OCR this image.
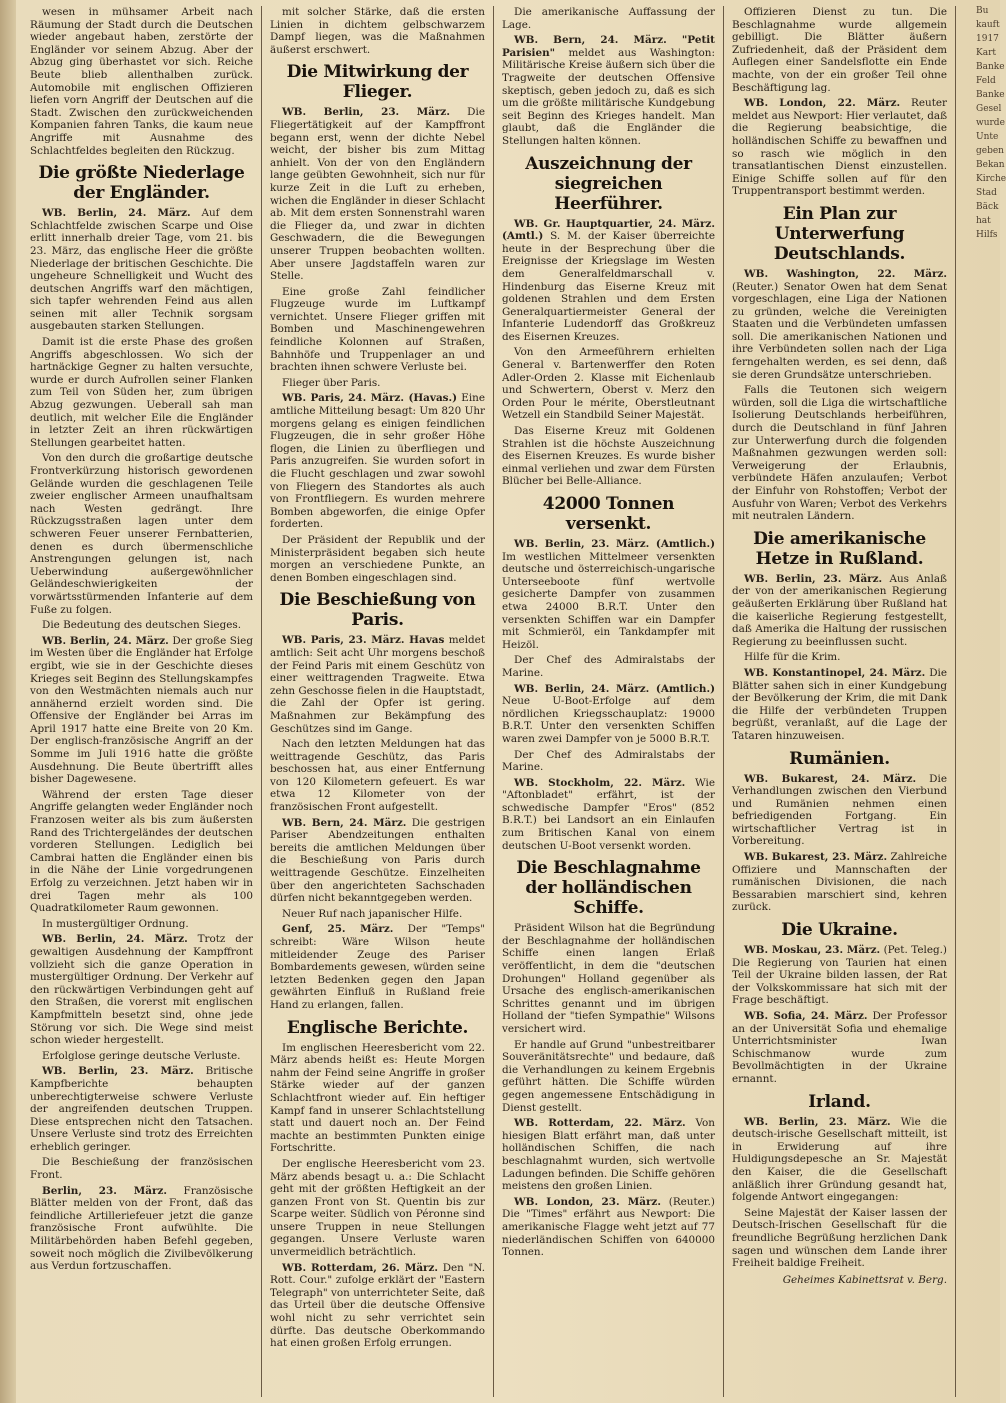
wesen in mühsamer Arbeit nach Räumung der Stadt durch die Deutschen wieder angebaut haben, zerstörte der Engländer vor seinem Abzug. Aber der Abzug ging überhastet vor sich. Reiche Beute blieb allenthalben zurück. Automobile mit englischen Offizieren liefen vorn Angriff der Deutschen auf die Stadt. Zwischen den zurückweichenden Kompanien fahren Tanks, die kaum neue Angriffe mit Ausnahme des Schlachtfeldes begleiten den Rückzug.

Die größte Niederlage der Engländer.

WB. Berlin, 24. März. Auf dem Schlachtfelde zwischen Scarpe und Oise erlitt innerhalb dreier Tage, vom 21. bis 23. März, das englische Heer die größte Niederlage der britischen Geschichte. Die ungeheure Schnelligkeit und Wucht des deutschen Angriffs warf den mächtigen, sich tapfer wehrenden Feind aus allen seinen mit aller Technik sorgsam ausgebauten starken Stellungen.

Damit ist die erste Phase des großen Angriffs abgeschlossen. Wo sich der hartnäckige Gegner zu halten versuchte, wurde er durch Aufrollen seiner Flanken zum Teil von Süden her, zum übrigen Abzug gezwungen. Ueberall sah man deutlich, mit welcher Eile die Engländer in letzter Zeit an ihren rückwärtigen Stellungen gearbeitet hatten.

Von den durch die großartige deutsche Frontverkürzung historisch gewordenen Gelände wurden die geschlagenen Teile zweier englischer Armeen unaufhaltsam nach Westen gedrängt. Ihre Rückzugsstraßen lagen unter dem schweren Feuer unserer Fernbatterien, denen es durch übermenschliche Anstrengungen gelungen ist, nach Ueberwindung außergewöhnlicher Geländeschwierigkeiten der vorwärtsstürmenden Infanterie auf dem Fuße zu folgen.

Die Bedeutung des deutschen Sieges.

WB. Berlin, 24. März. Der große Sieg im Westen über die Engländer hat Erfolge ergibt, wie sie in der Geschichte dieses Krieges seit Beginn des Stellungskampfes von den Westmächten niemals auch nur annähernd erzielt worden sind. Die Offensive der Engländer bei Arras im April 1917 hatte eine Breite von 20 Km. Der englisch-französische Angriff an der Somme im Juli 1916 hatte die größte Ausdehnung. Die Beute übertrifft alles bisher Dagewesene.

Während der ersten Tage dieser Angriffe gelangten weder Engländer noch Franzosen weiter als bis zum äußersten Rand des Trichtergeländes der deutschen vorderen Stellungen. Lediglich bei Cambrai hatten die Engländer einen bis in die Nähe der Linie vorgedrungenen Erfolg zu verzeichnen. Jetzt haben wir in drei Tagen mehr als 100 Quadratkilometer Raum gewonnen.

In mustergültiger Ordnung.

WB. Berlin, 24. März. Trotz der gewaltigen Ausdehnung der Kampffront vollzieht sich die ganze Operation in mustergültiger Ordnung. Der Verkehr auf den rückwärtigen Verbindungen geht auf den Straßen, die vorerst mit englischen Kampfmitteln besetzt sind, ohne jede Störung vor sich. Die Wege sind meist schon wieder hergestellt.

Erfolglose geringe deutsche Verluste.

WB. Berlin, 23. März. Britische Kampfberichte behaupten unberechtigterweise schwere Verluste der angreifenden deutschen Truppen. Diese entsprechen nicht den Tatsachen. Unsere Verluste sind trotz des Erreichten erheblich geringer.

Die Beschießung der französischen Front.

Berlin, 23. März. Französische Blätter melden von der Front, daß das feindliche Artilleriefeuer jetzt die ganze französische Front aufwühlte. Die Militärbehörden haben Befehl gegeben, soweit noch möglich die Zivilbevölkerung aus Verdun fortzuschaffen.

mit solcher Stärke, daß die ersten Linien in dichtem gelbschwarzem Dampf liegen, was die Maßnahmen äußerst erschwert.

Die Mitwirkung der Flieger.

WB. Berlin, 23. März. Die Fliegertätigkeit auf der Kampffront begann erst, wenn der dichte Nebel weicht, der bisher bis zum Mittag anhielt. Von der von den Engländern lange geübten Gewohnheit, sich nur für kurze Zeit in die Luft zu erheben, wichen die Engländer in dieser Schlacht ab. Mit dem ersten Sonnenstrahl waren die Flieger da, und zwar in dichten Geschwadern, die die Bewegungen unserer Truppen beobachten wollten. Aber unsere Jagdstaffeln waren zur Stelle.

Eine große Zahl feindlicher Flugzeuge wurde im Luftkampf vernichtet. Unsere Flieger griffen mit Bomben und Maschinengewehren feindliche Kolonnen auf Straßen, Bahnhöfe und Truppenlager an und brachten ihnen schwere Verluste bei.

Flieger über Paris.

WB. Paris, 24. März. (Havas.) Eine amtliche Mitteilung besagt: Um 820 Uhr morgens gelang es einigen feindlichen Flugzeugen, die in sehr großer Höhe flogen, die Linien zu überfliegen und Paris anzugreifen. Sie wurden sofort in die Flucht geschlagen und zwar sowohl von Fliegern des Standortes als auch von Frontfliegern. Es wurden mehrere Bomben abgeworfen, die einige Opfer forderten.

Der Präsident der Republik und der Ministerpräsident begaben sich heute morgen an verschiedene Punkte, an denen Bomben eingeschlagen sind.

Die Beschießung von Paris.

WB. Paris, 23. März. Havas meldet amtlich: Seit acht Uhr morgens beschoß der Feind Paris mit einem Geschütz von einer weittragenden Tragweite. Etwa zehn Geschosse fielen in die Hauptstadt, die Zahl der Opfer ist gering. Maßnahmen zur Bekämpfung des Geschützes sind im Gange.

Nach den letzten Meldungen hat das weittragende Geschütz, das Paris beschossen hat, aus einer Entfernung von 120 Kilometern gefeuert. Es war etwa 12 Kilometer von der französischen Front aufgestellt.

WB. Bern, 24. März. Die gestrigen Pariser Abendzeitungen enthalten bereits die amtlichen Meldungen über die Beschießung von Paris durch weittragende Geschütze. Einzelheiten über den angerichteten Sachschaden dürfen nicht bekanntgegeben werden.

Neuer Ruf nach japanischer Hilfe.

Genf, 25. März. Der "Temps" schreibt: Wäre Wilson heute mitleidender Zeuge des Pariser Bombardements gewesen, würden seine letzten Bedenken gegen den Japan gewährten Einfluß in Rußland freie Hand zu erlangen, fallen.

Englische Berichte.

Im englischen Heeresbericht vom 22. März abends heißt es: Heute Morgen nahm der Feind seine Angriffe in großer Stärke wieder auf der ganzen Schlachtfront wieder auf. Ein heftiger Kampf fand in unserer Schlachtstellung statt und dauert noch an. Der Feind machte an bestimmten Punkten einige Fortschritte.

Der englische Heeresbericht vom 23. März abends besagt u. a.: Die Schlacht geht mit der größten Heftigkeit an der ganzen Front von St. Quentin bis zur Scarpe weiter. Südlich von Péronne sind unsere Truppen in neue Stellungen gegangen. Unsere Verluste waren unvermeidlich beträchtlich.

WB. Rotterdam, 26. März. Den "N. Rott. Cour." zufolge erklärt der "Eastern Telegraph" von unterrichteter Seite, daß das Urteil über die deutsche Offensive wohl nicht zu sehr verrichtet sein dürfte. Das deutsche Oberkommando hat einen großen Erfolg errungen.

Die amerikanische Auffassung der Lage.

WB. Bern, 24. März. "Petit Parisien" meldet aus Washington: Militärische Kreise äußern sich über die Tragweite der deutschen Offensive skeptisch, geben jedoch zu, daß es sich um die größte militärische Kundgebung seit Beginn des Krieges handelt. Man glaubt, daß die Engländer die Stellungen halten können.

Auszeichnung der siegreichen Heerführer.

WB. Gr. Hauptquartier, 24. März. (Amtl.) S. M. der Kaiser überreichte heute in der Besprechung über die Ereignisse der Kriegslage im Westen dem Generalfeldmarschall v. Hindenburg das Eiserne Kreuz mit goldenen Strahlen und dem Ersten Generalquartiermeister General der Infanterie Ludendorff das Großkreuz des Eisernen Kreuzes.

Von den Armeeführern erhielten General v. Bartenwerffer den Roten Adler-Orden 2. Klasse mit Eichenlaub und Schwertern, Oberst v. Merz den Orden Pour le mérite, Oberstleutnant Wetzell ein Standbild Seiner Majestät.

Das Eiserne Kreuz mit Goldenen Strahlen ist die höchste Auszeichnung des Eisernen Kreuzes. Es wurde bisher einmal verliehen und zwar dem Fürsten Blücher bei Belle-Alliance.

42000 Tonnen versenkt.

WB. Berlin, 23. März. (Amtlich.) Im westlichen Mittelmeer versenkten deutsche und österreichisch-ungarische Unterseeboote fünf wertvolle gesicherte Dampfer von zusammen etwa 24000 B.R.T. Unter den versenkten Schiffen war ein Dampfer mit Schmieröl, ein Tankdampfer mit Heizöl.

Der Chef des Admiralstabs der Marine.

WB. Berlin, 24. März. (Amtlich.) Neue U-Boot-Erfolge auf dem nördlichen Kriegsschauplatz: 19000 B.R.T. Unter den versenkten Schiffen waren zwei Dampfer von je 5000 B.R.T.

Der Chef des Admiralstabs der Marine.

WB. Stockholm, 22. März. Wie "Aftonbladet" erfährt, ist der schwedische Dampfer "Eros" (852 B.R.T.) bei Landsort an ein Einlaufen zum Britischen Kanal von einem deutschen U-Boot versenkt worden.

Die Beschlagnahme der holländischen Schiffe.

Präsident Wilson hat die Begründung der Beschlagnahme der holländischen Schiffe einen langen Erlaß veröffentlicht, in dem die "deutschen Drohungen" Holland gegenüber als Ursache des englisch-amerikanischen Schrittes genannt und im übrigen Holland der "tiefen Sympathie" Wilsons versichert wird.

Er handle auf Grund "unbestreitbarer Souveränitätsrechte" und bedaure, daß die Verhandlungen zu keinem Ergebnis geführt hätten. Die Schiffe würden gegen angemessene Entschädigung in Dienst gestellt.

WB. Rotterdam, 22. März. Von hiesigen Blatt erfährt man, daß unter holländischen Schiffen, die nach beschlagnahmt wurden, sich wertvolle Ladungen befinden. Die Schiffe gehören meistens den großen Linien.

WB. London, 23. März. (Reuter.) Die "Times" erfährt aus Newport: Die amerikanische Flagge weht jetzt auf 77 niederländischen Schiffen von 640000 Tonnen.

Offizieren Dienst zu tun. Die Beschlagnahme wurde allgemein gebilligt. Die Blätter äußern Zufriedenheit, daß der Präsident dem Auflegen einer Sandelsflotte ein Ende machte, von der ein großer Teil ohne Beschäftigung lag.

WB. London, 22. März. Reuter meldet aus Newport: Hier verlautet, daß die Regierung beabsichtige, die holländischen Schiffe zu bewaffnen und so rasch wie möglich in den transatlantischen Dienst einzustellen. Einige Schiffe sollen auf für den Truppentransport bestimmt werden.

Ein Plan zur Unterwerfung Deutschlands.

WB. Washington, 22. März. (Reuter.) Senator Owen hat dem Senat vorgeschlagen, eine Liga der Nationen zu gründen, welche die Vereinigten Staaten und die Verbündeten umfassen soll. Die amerikanischen Nationen und ihre Verbündeten sollen nach der Liga ferngehalten werden, es sei denn, daß sie deren Grundsätze unterschrieben.

Falls die Teutonen sich weigern würden, soll die Liga die wirtschaftliche Isolierung Deutschlands herbeiführen, durch die Deutschland in fünf Jahren zur Unterwerfung durch die folgenden Maßnahmen gezwungen werden soll: Verweigerung der Erlaubnis, verbündete Häfen anzulaufen; Verbot der Einfuhr von Rohstoffen; Verbot der Ausfuhr von Waren; Verbot des Verkehrs mit neutralen Ländern.

Die amerikanische Hetze in Rußland.

WB. Berlin, 23. März. Aus Anlaß der von der amerikanischen Regierung geäußerten Erklärung über Rußland hat die kaiserliche Regierung festgestellt, daß Amerika die Haltung der russischen Regierung zu beeinflussen sucht.

Hilfe für die Krim.

WB. Konstantinopel, 24. März. Die Blätter sahen sich in einer Kundgebung der Bevölkerung der Krim, die mit Dank die Hilfe der verbündeten Truppen begrüßt, veranlaßt, auf die Lage der Tataren hinzuweisen.

Rumänien.

WB. Bukarest, 24. März. Die Verhandlungen zwischen den Vierbund und Rumänien nehmen einen befriedigenden Fortgang. Ein wirtschaftlicher Vertrag ist in Vorbereitung.

WB. Bukarest, 23. März. Zahlreiche Offiziere und Mannschaften der rumänischen Divisionen, die nach Bessarabien marschiert sind, kehren zurück.

Die Ukraine.

WB. Moskau, 23. März. (Pet. Teleg.) Die Regierung von Taurien hat einen Teil der Ukraine bilden lassen, der Rat der Volkskommissare hat sich mit der Frage beschäftigt.

WB. Sofia, 24. März. Der Professor an der Universität Sofia und ehemalige Unterrichtsminister Iwan Schischmanow wurde zum Bevollmächtigten in der Ukraine ernannt.

Irland.

WB. Berlin, 23. März. Wie die deutsch-irische Gesellschaft mitteilt, ist in Erwiderung auf ihre Huldigungsdepesche an Sr. Majestät den Kaiser, die die Gesellschaft anläßlich ihrer Gründung gesandt hat, folgende Antwort eingegangen:

Seine Majestät der Kaiser lassen der Deutsch-Irischen Gesellschaft für die freundliche Begrüßung herzlichen Dank sagen und wünschen dem Lande ihrer Freiheit baldige Freiheit.

Geheimes Kabinettsrat v. Berg.

Bu

kauft

1917

Kart

Banke

Feld

Banke

Gesel

wurde

Unte

geben

Bekan

Kirche

Stad

Bäck

hat

Hilfs
